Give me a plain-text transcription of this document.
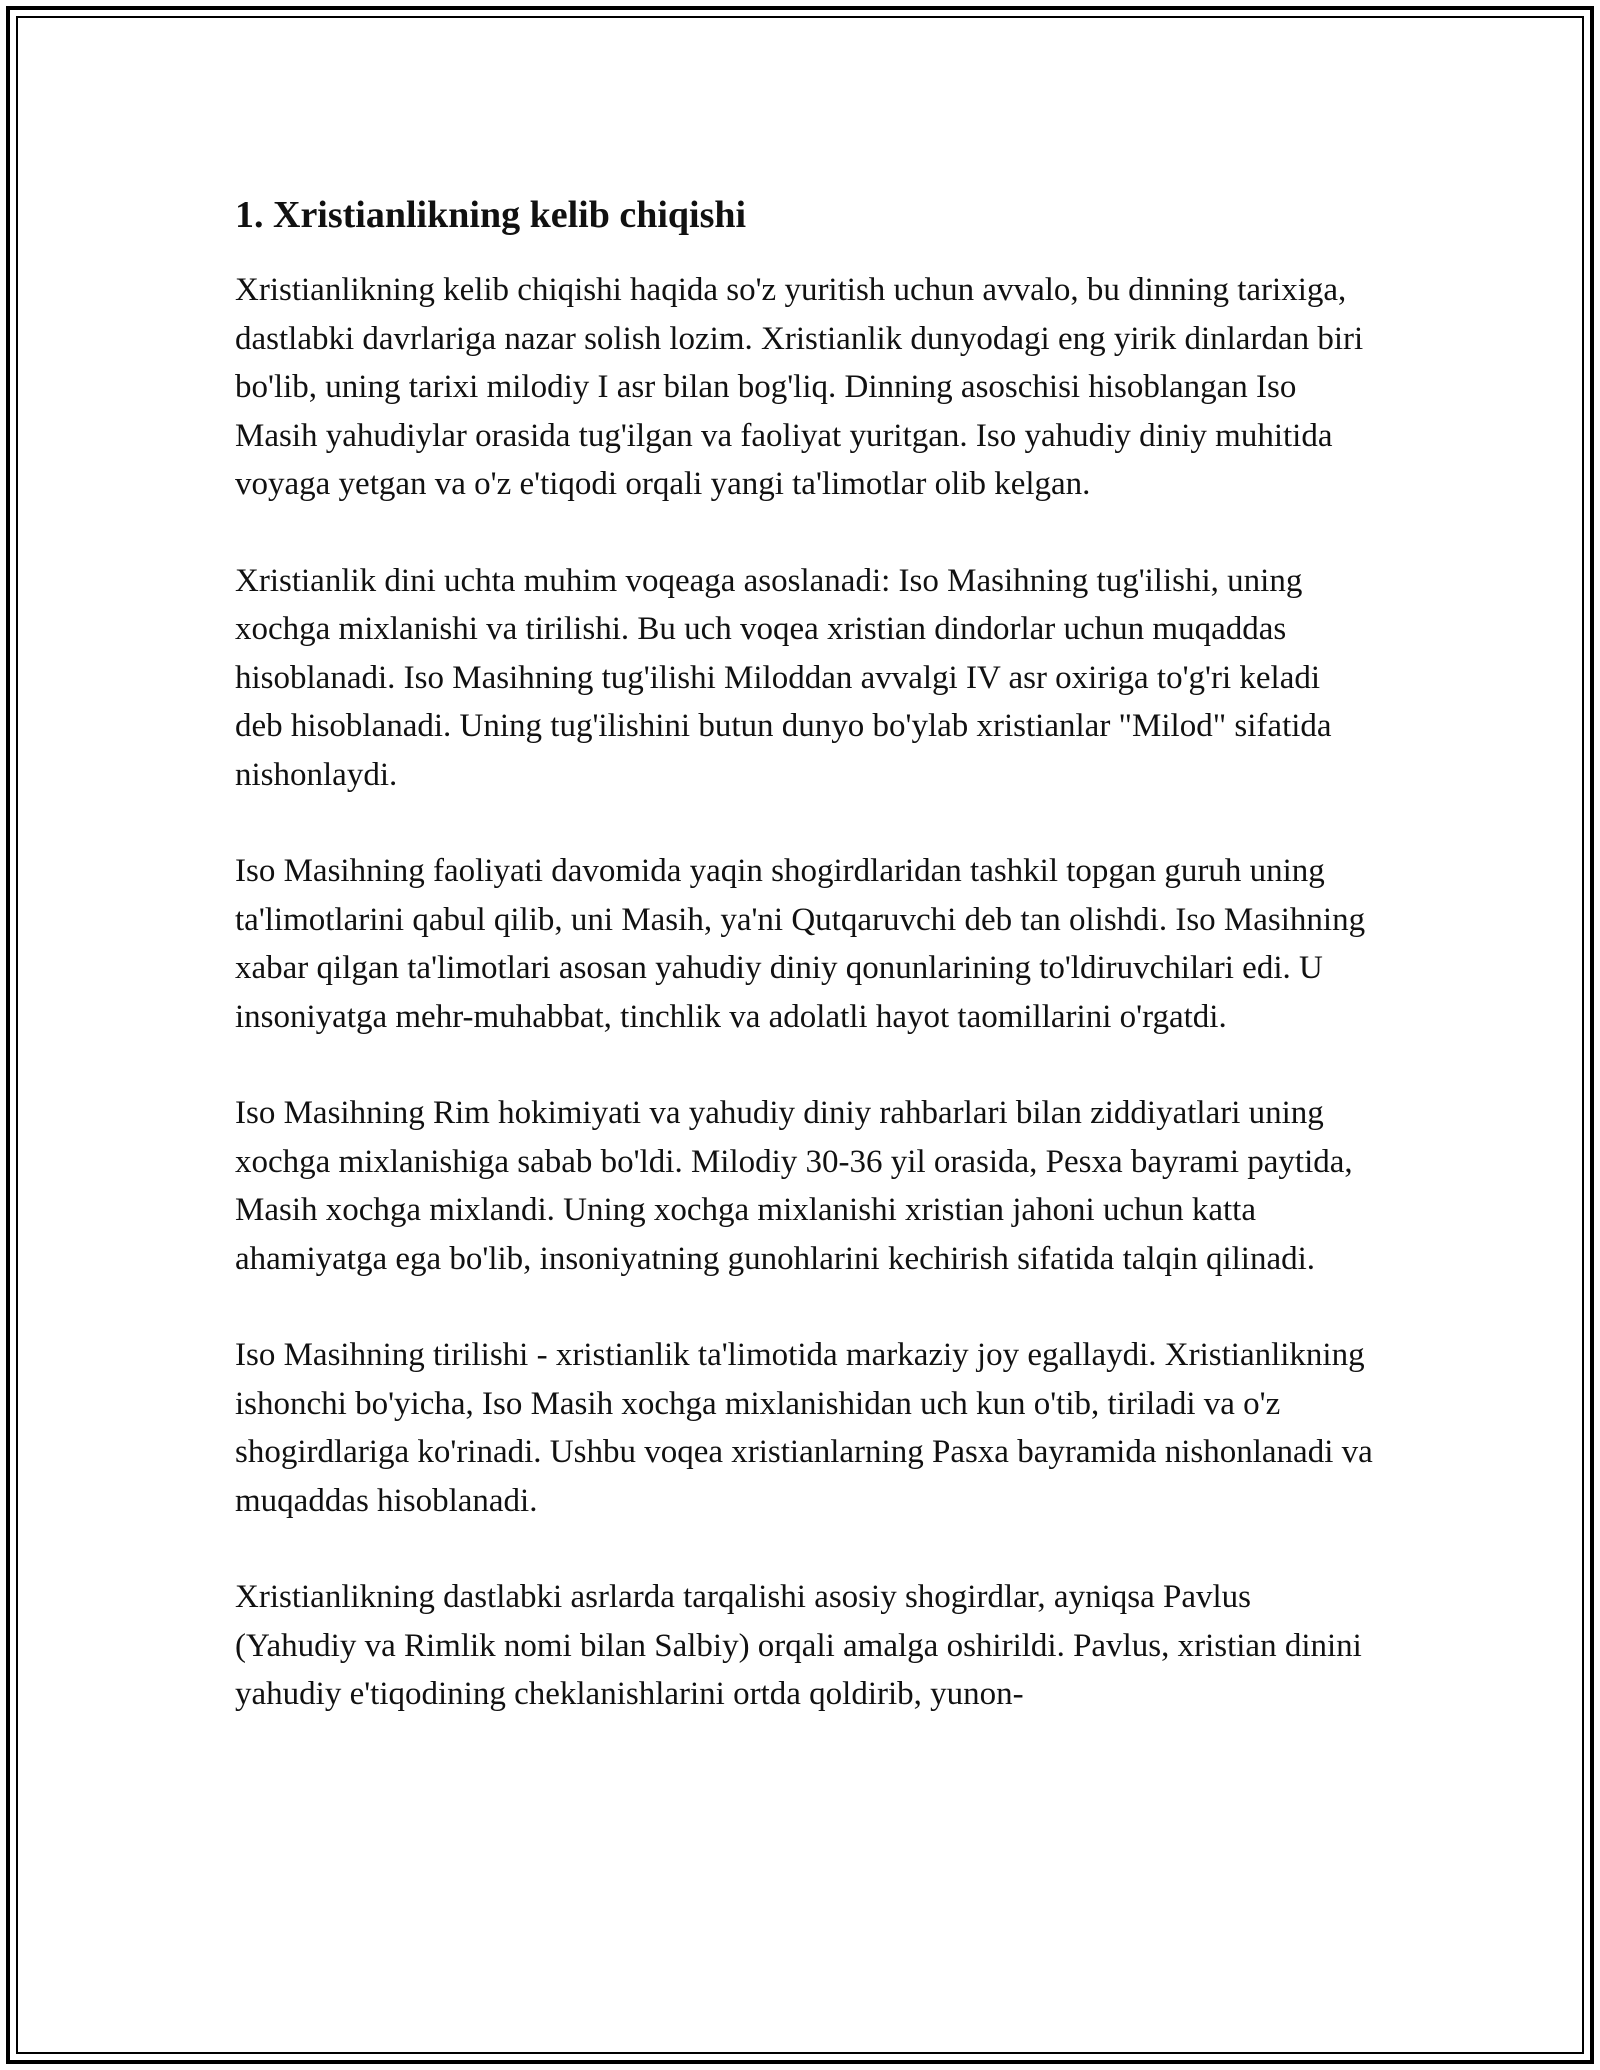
1. Xristianlikning kelib chiqishi

Xristianlikning kelib chiqishi haqida so'z yuritish uchun avvalo, bu dinning tarixiga, dastlabki davrlariga nazar solish lozim. Xristianlik dunyodagi eng yirik dinlardan biri bo'lib, uning tarixi milodiy I asr bilan bog'liq. Dinning asoschisi hisoblangan Iso Masih yahudiylar orasida tug'ilgan va faoliyat yuritgan. Iso yahudiy diniy muhitida voyaga yetgan va o'z e'tiqodi orqali yangi ta'limotlar olib kelgan.

Xristianlik dini uchta muhim voqeaga asoslanadi: Iso Masihning tug'ilishi, uning xochga mixlanishi va tirilishi. Bu uch voqea xristian dindorlar uchun muqaddas hisoblanadi. Iso Masihning tug'ilishi Miloddan avvalgi IV asr oxiriga to'g'ri keladi deb hisoblanadi. Uning tug'ilishini butun dunyo bo'ylab xristianlar "Milod" sifatida nishonlaydi.

Iso Masihning faoliyati davomida yaqin shogirdlaridan tashkil topgan guruh uning ta'limotlarini qabul qilib, uni Masih, ya'ni Qutqaruvchi deb tan olishdi. Iso Masihning xabar qilgan ta'limotlari asosan yahudiy diniy qonunlarining to'ldiruvchilari edi. U insoniyatga mehr-muhabbat, tinchlik va adolatli hayot taomillarini o'rgatdi.

Iso Masihning Rim hokimiyati va yahudiy diniy rahbarlari bilan ziddiyatlari uning xochga mixlanishiga sabab bo'ldi. Milodiy 30-36 yil orasida, Pesxa bayrami paytida, Masih xochga mixlandi. Uning xochga mixlanishi xristian jahoni uchun katta ahamiyatga ega bo'lib, insoniyatning gunohlarini kechirish sifatida talqin qilinadi.

Iso Masihning tirilishi - xristianlik ta'limotida markaziy joy egallaydi. Xristianlikning ishonchi bo'yicha, Iso Masih xochga mixlanishidan uch kun o'tib, tiriladi va o'z shogirdlariga ko'rinadi. Ushbu voqea xristianlarning Pasxa bayramida nishonlanadi va muqaddas hisoblanadi.

Xristianlikning dastlabki asrlarda tarqalishi asosiy shogirdlar, ayniqsa Pavlus (Yahudiy va Rimlik nomi bilan Salbiy) orqali amalga oshirildi. Pavlus, xristian dinini yahudiy e'tiqodining cheklanishlarini ortda qoldirib, yunon-
